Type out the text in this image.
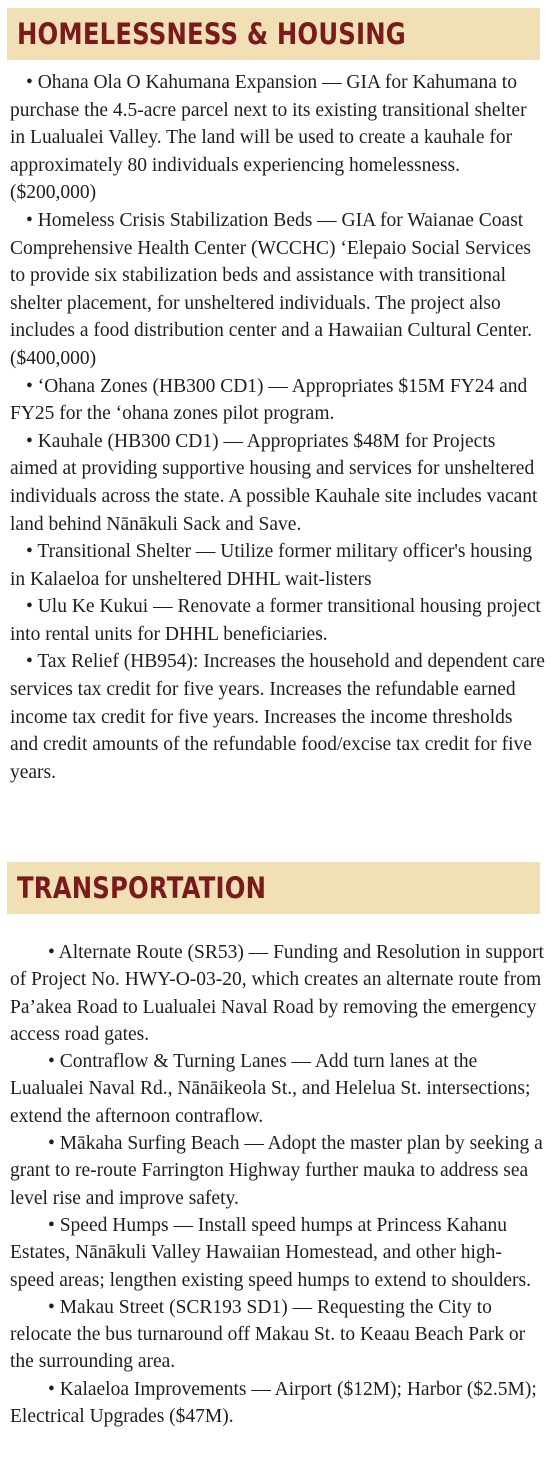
HOMELESSNESS & HOUSING

• Ohana Ola O Kahumana Expansion — GIA for Kahumana to purchase the 4.5-acre parcel next to its existing transitional shelter in Lualualei Valley. The land will be used to create a kauhale for approximately 80 individuals experiencing homelessness. ($200,000)

• Homeless Crisis Stabilization Beds — GIA for Waianae Coast Comprehensive Health Center (WCCHC) ‘Elepaio Social Services to provide six stabilization beds and assistance with transitional shelter placement, for unsheltered individuals. The project also includes a food distribution center and a Hawaiian Cultural Center. ($400,000)

• ‘Ohana Zones (HB300 CD1) — Appropriates $15M FY24 and FY25 for the ‘ohana zones pilot program.

• Kauhale (HB300 CD1) — Appropriates $48M for Projects aimed at providing supportive housing and services for unsheltered individuals across the state. A possible Kauhale site includes vacant land behind Nānākuli Sack and Save.

• Transitional Shelter — Utilize former military officer's housing in Kalaeloa for unsheltered DHHL wait-listers

• Ulu Ke Kukui — Renovate a former transitional housing project into rental units for DHHL beneficiaries.

• Tax Relief (HB954): Increases the household and dependent care services tax credit for five years. Increases the refundable earned income tax credit for five years. Increases the income thresholds and credit amounts of the refundable food/excise tax credit for five years.

TRANSPORTATION

• Alternate Route (SR53) — Funding and Resolution in support of Project No. HWY-O-03-20, which creates an alternate route from Pa’akea Road to Lualualei Naval Road by removing the emergency access road gates.

• Contraflow & Turning Lanes — Add turn lanes at the Lualualei Naval Rd., Nānāikeola St., and Helelua St. intersections; extend the afternoon contraflow.

• Mākaha Surfing Beach — Adopt the master plan by seeking a grant to re-route Farrington Highway further mauka to address sea level rise and improve safety.

• Speed Humps — Install speed humps at Princess Kahanu Estates, Nānākuli Valley Hawaiian Homestead, and other high-speed areas; lengthen existing speed humps to extend to shoulders.

• Makau Street (SCR193 SD1) — Requesting the City to relocate the bus turnaround off Makau St. to Keaau Beach Park or the surrounding area.

• Kalaeloa Improvements — Airport ($12M); Harbor ($2.5M); Electrical Upgrades ($47M).
